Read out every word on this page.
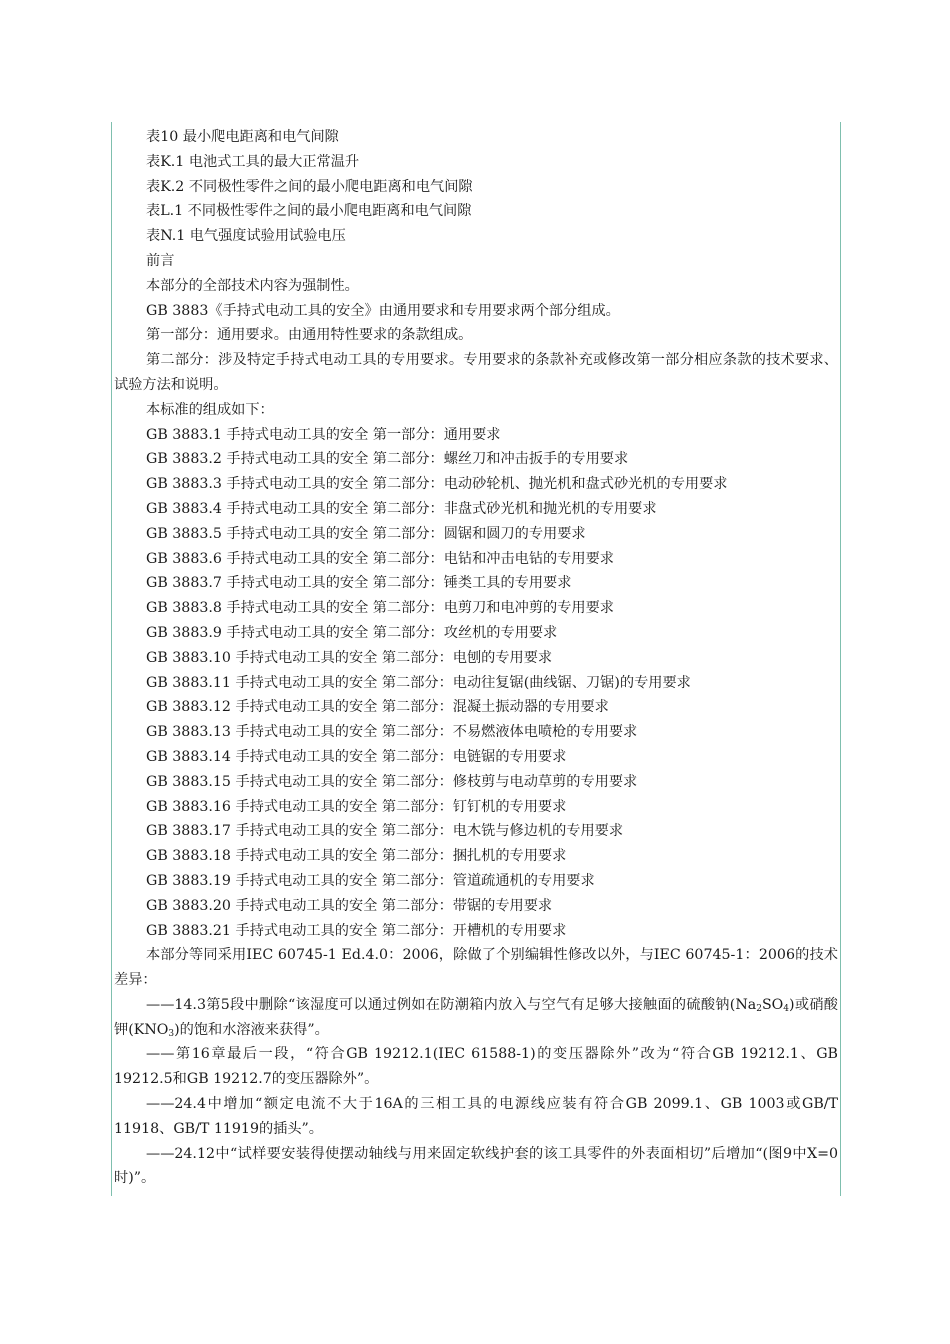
表10 最小爬电距离和电气间隙
表K.1 电池式工具的最大正常温升
表K.2 不同极性零件之间的最小爬电距离和电气间隙
表L.1 不同极性零件之间的最小爬电距离和电气间隙
表N.1 电气强度试验用试验电压
前言
本部分的全部技术内容为强制性。
GB 3883《手持式电动工具的安全》由通用要求和专用要求两个部分组成。
第一部分：通用要求。由通用特性要求的条款组成。
第二部分：涉及特定手持式电动工具的专用要求。专用要求的条款补充或修改第一部分相应条款的技术要求、试验方法和说明。
本标准的组成如下：
GB 3883.1 手持式电动工具的安全 第一部分：通用要求
GB 3883.2 手持式电动工具的安全 第二部分：螺丝刀和冲击扳手的专用要求
GB 3883.3 手持式电动工具的安全 第二部分：电动砂轮机、抛光机和盘式砂光机的专用要求
GB 3883.4 手持式电动工具的安全 第二部分：非盘式砂光机和抛光机的专用要求
GB 3883.5 手持式电动工具的安全 第二部分：圆锯和圆刀的专用要求
GB 3883.6 手持式电动工具的安全 第二部分：电钻和冲击电钻的专用要求
GB 3883.7 手持式电动工具的安全 第二部分：锤类工具的专用要求
GB 3883.8 手持式电动工具的安全 第二部分：电剪刀和电冲剪的专用要求
GB 3883.9 手持式电动工具的安全 第二部分：攻丝机的专用要求
GB 3883.10 手持式电动工具的安全 第二部分：电刨的专用要求
GB 3883.11 手持式电动工具的安全 第二部分：电动往复锯(曲线锯、刀锯)的专用要求
GB 3883.12 手持式电动工具的安全 第二部分：混凝土振动器的专用要求
GB 3883.13 手持式电动工具的安全 第二部分：不易燃液体电喷枪的专用要求
GB 3883.14 手持式电动工具的安全 第二部分：电链锯的专用要求
GB 3883.15 手持式电动工具的安全 第二部分：修枝剪与电动草剪的专用要求
GB 3883.16 手持式电动工具的安全 第二部分：钉钉机的专用要求
GB 3883.17 手持式电动工具的安全 第二部分：电木铣与修边机的专用要求
GB 3883.18 手持式电动工具的安全 第二部分：捆扎机的专用要求
GB 3883.19 手持式电动工具的安全 第二部分：管道疏通机的专用要求
GB 3883.20 手持式电动工具的安全 第二部分：带锯的专用要求
GB 3883.21 手持式电动工具的安全 第二部分：开槽机的专用要求
本部分等同采用IEC 60745-1 Ed.4.0：2006，除做了个别编辑性修改以外，与IEC 60745-1：2006的技术差异：
——14.3第5段中删除“该湿度可以通过例如在防潮箱内放入与空气有足够大接触面的硫酸钠$(Na_2SO_4)$或硝酸钾$(KNO_3)$的饱和水溶液来获得”。
——第16章最后一段，“符合GB 19212.1(IEC 61588-1)的变压器除外”改为“符合GB 19212.1、GB 19212.5和GB 19212.7的变压器除外”。
——24.4中增加“额定电流不大于16A的三相工具的电源线应装有符合GB 2099.1、GB 1003或GB/T 11918、GB/T 11919的插头”。
——24.12中“试样要安装得使摆动轴线与用来固定软线护套的该工具零件的外表面相切”后增加“(图9中X=0时)”。
